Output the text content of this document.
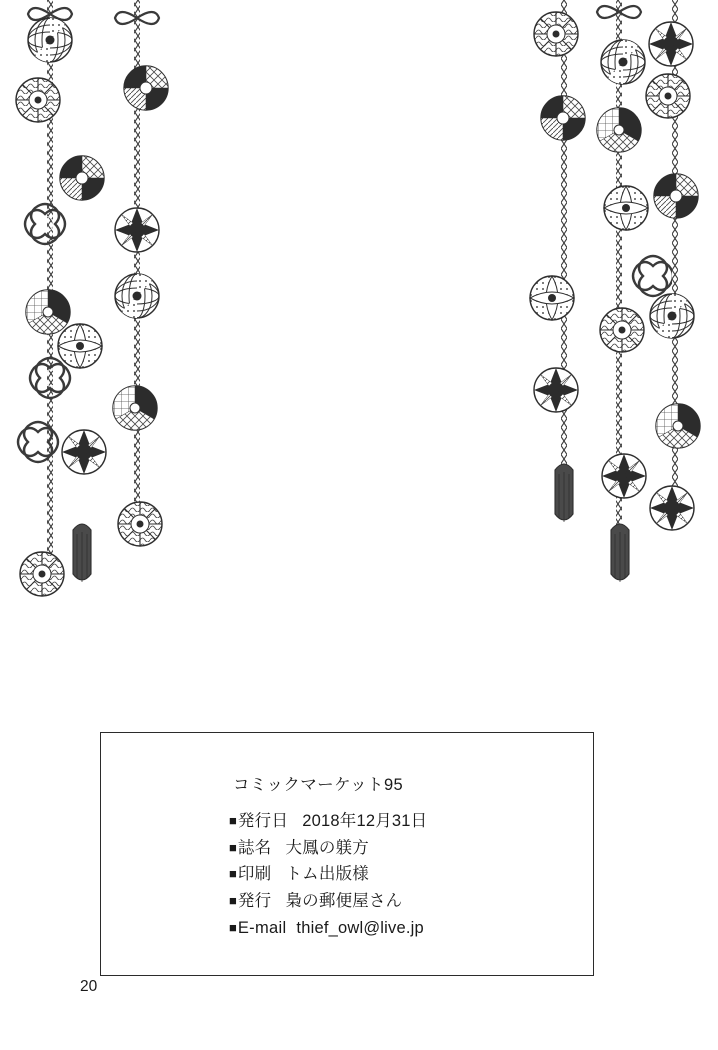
コミックマーケット95
■ 発行日 2018年12月31日
■ 誌名 大鳳の躾方
■ 印刷 トム出版様
■ 発行 梟の郵便屋さん
■ E-mail thief_owl@live.jp
20
